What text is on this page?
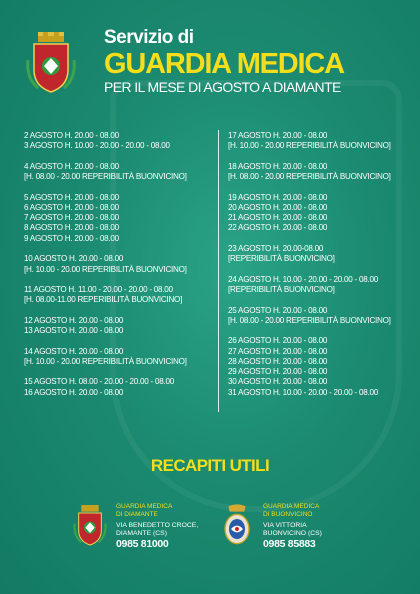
Servizio di
GUARDIA MEDICA
PER IL MESE DI AGOSTO A DIAMANTE
2 AGOSTO H. 20.00 - 08.00
3 AGOSTO H. 10.00 - 20.00 - 20.00 - 08.00
4 AGOSTO H. 20.00 - 08.00
[H. 08.00 - 20.00 REPERIBILITÀ BUONVICINO]
5 AGOSTO H. 20.00 - 08.00
6 AGOSTO H. 20.00 - 08.00
7 AGOSTO H. 20.00 - 08.00
8 AGOSTO H. 20.00 - 08.00
9 AGOSTO H. 20.00 - 08.00
10 AGOSTO H. 20.00 - 08.00
[H. 10.00 - 20.00 REPERIBILITÀ BUONVICINO]
11 AGOSTO H. 11.00 - 20.00 - 20.00 - 08.00
[H. 08.00-11.00 REPERIBILITÀ BUONVICINO]
12 AGOSTO H. 20.00 - 08.00
13 AGOSTO H. 20.00 - 08.00
14 AGOSTO H. 20.00 - 08.00
[H. 10.00 - 20.00 REPERIBILITÀ BUONVICINO]
15 AGOSTO H. 08.00 - 20.00 - 20.00 - 08.00
16 AGOSTO H. 20.00 - 08.00
17 AGOSTO H. 20.00 - 08.00
[H. 10.00 - 20.00 REPERIBILITÀ BUONVICINO]
18 AGOSTO H. 20.00 - 08.00
[H. 08.00 - 20.00 REPERIBILITÀ BUONVICINO]
19 AGOSTO H. 20.00 - 08.00
20 AGOSTO H. 20.00 - 08.00
21 AGOSTO H. 20.00 - 08.00
22 AGOSTO H. 20.00 - 08.00
23 AGOSTO H. 20.00-08.00
[REPERIBILITÀ BUONVICINO]
24 AGOSTO H. 10.00 - 20.00 - 20.00 - 08.00
[REPERIBILITÀ BUONVICINO]
25 AGOSTO H. 20.00 - 08.00
[H. 08.00 - 20.00 REPERIBILITÀ BUONVICINO]
26 AGOSTO H. 20.00 - 08.00
27 AGOSTO H. 20.00 - 08.00
28 AGOSTO H. 20.00 - 08.00
29 AGOSTO H. 20.00 - 08.00
30 AGOSTO H. 20.00 - 08.00
31 AGOSTO H. 10.00 - 20.00 - 20.00 - 08.00
RECAPITI UTILI
GUARDIA MEDICA
DI DIAMANTE
VIA BENEDETTO CROCE,
DIAMANTE (CS)
0985 81000
GUARDIA MEDICA
DI BUONVICINO
VIA VITTORIA
BUONVICINO (CS)
0985 85883
